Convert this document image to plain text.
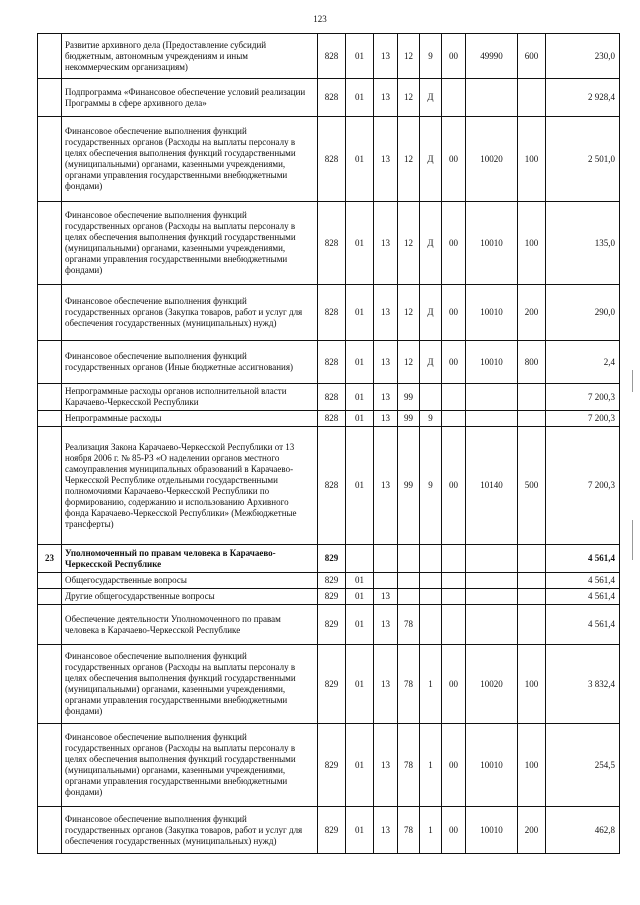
123
	Развитие архивного дела (Предоставление субсидий бюджетным, автономным учреждениям и иным некоммерческим организациям)	828	01	13	12	9	00	49990	600	230,0
	Подпрограмма «Финансовое обеспечение условий реализации Программы в сфере архивного дела»	828	01	13	12	Д				2 928,4
	Финансовое обеспечение выполнения функций государственных органов (Расходы на выплаты персоналу в целях обеспечения выполнения функций государственными (муниципальными) органами, казенными учреждениями, органами управления государственными внебюджетными фондами)	828	01	13	12	Д	00	10020	100	2 501,0
	Финансовое обеспечение выполнения функций государственных органов (Расходы на выплаты персоналу в целях обеспечения выполнения функций государственными (муниципальными) органами, казенными учреждениями, органами управления государственными внебюджетными фондами)	828	01	13	12	Д	00	10010	100	135,0
	Финансовое обеспечение выполнения функций государственных органов (Закупка товаров, работ и услуг для обеспечения государственных (муниципальных) нужд)	828	01	13	12	Д	00	10010	200	290,0
	Финансовое обеспечение выполнения функций государственных органов (Иные бюджетные ассигнования)	828	01	13	12	Д	00	10010	800	2,4
	Непрограммные расходы органов исполнительной власти Карачаево-Черкесской Республики	828	01	13	99					7 200,3
	Непрограммные расходы	828	01	13	99	9				7 200,3
	Реализация Закона Карачаево-Черкесской Республики от 13 ноября 2006 г. № 85-РЗ «О наделении органов местного самоуправления муниципальных образований в Карачаево-Черкесской Республике отдельными государственными полномочиями Карачаево-Черкесской Республики по формированию, содержанию и использованию Архивного фонда Карачаево-Черкесской Республики» (Межбюджетные трансферты)	828	01	13	99	9	00	10140	500	7 200,3
23	Уполномоченный по правам человека в Карачаево-Черкесской Республике	829								4 561,4
	Общегосударственные вопросы	829	01							4 561,4
	Другие общегосударственные вопросы	829	01	13						4 561,4
	Обеспечение деятельности Уполномоченного по правам человека в Карачаево-Черкесской Республике	829	01	13	78					4 561,4
	Финансовое обеспечение выполнения функций государственных органов (Расходы на выплаты персоналу в целях обеспечения выполнения функций государственными (муниципальными) органами, казенными учреждениями, органами управления государственными внебюджетными фондами)	829	01	13	78	1	00	10020	100	3 832,4
	Финансовое обеспечение выполнения функций государственных органов (Расходы на выплаты персоналу в целях обеспечения выполнения функций государственными (муниципальными) органами, казенными учреждениями, органами управления государственными внебюджетными фондами)	829	01	13	78	1	00	10010	100	254,5
	Финансовое обеспечение выполнения функций государственных органов (Закупка товаров, работ и услуг для обеспечения государственных (муниципальных) нужд)	829	01	13	78	1	00	10010	200	462,8
